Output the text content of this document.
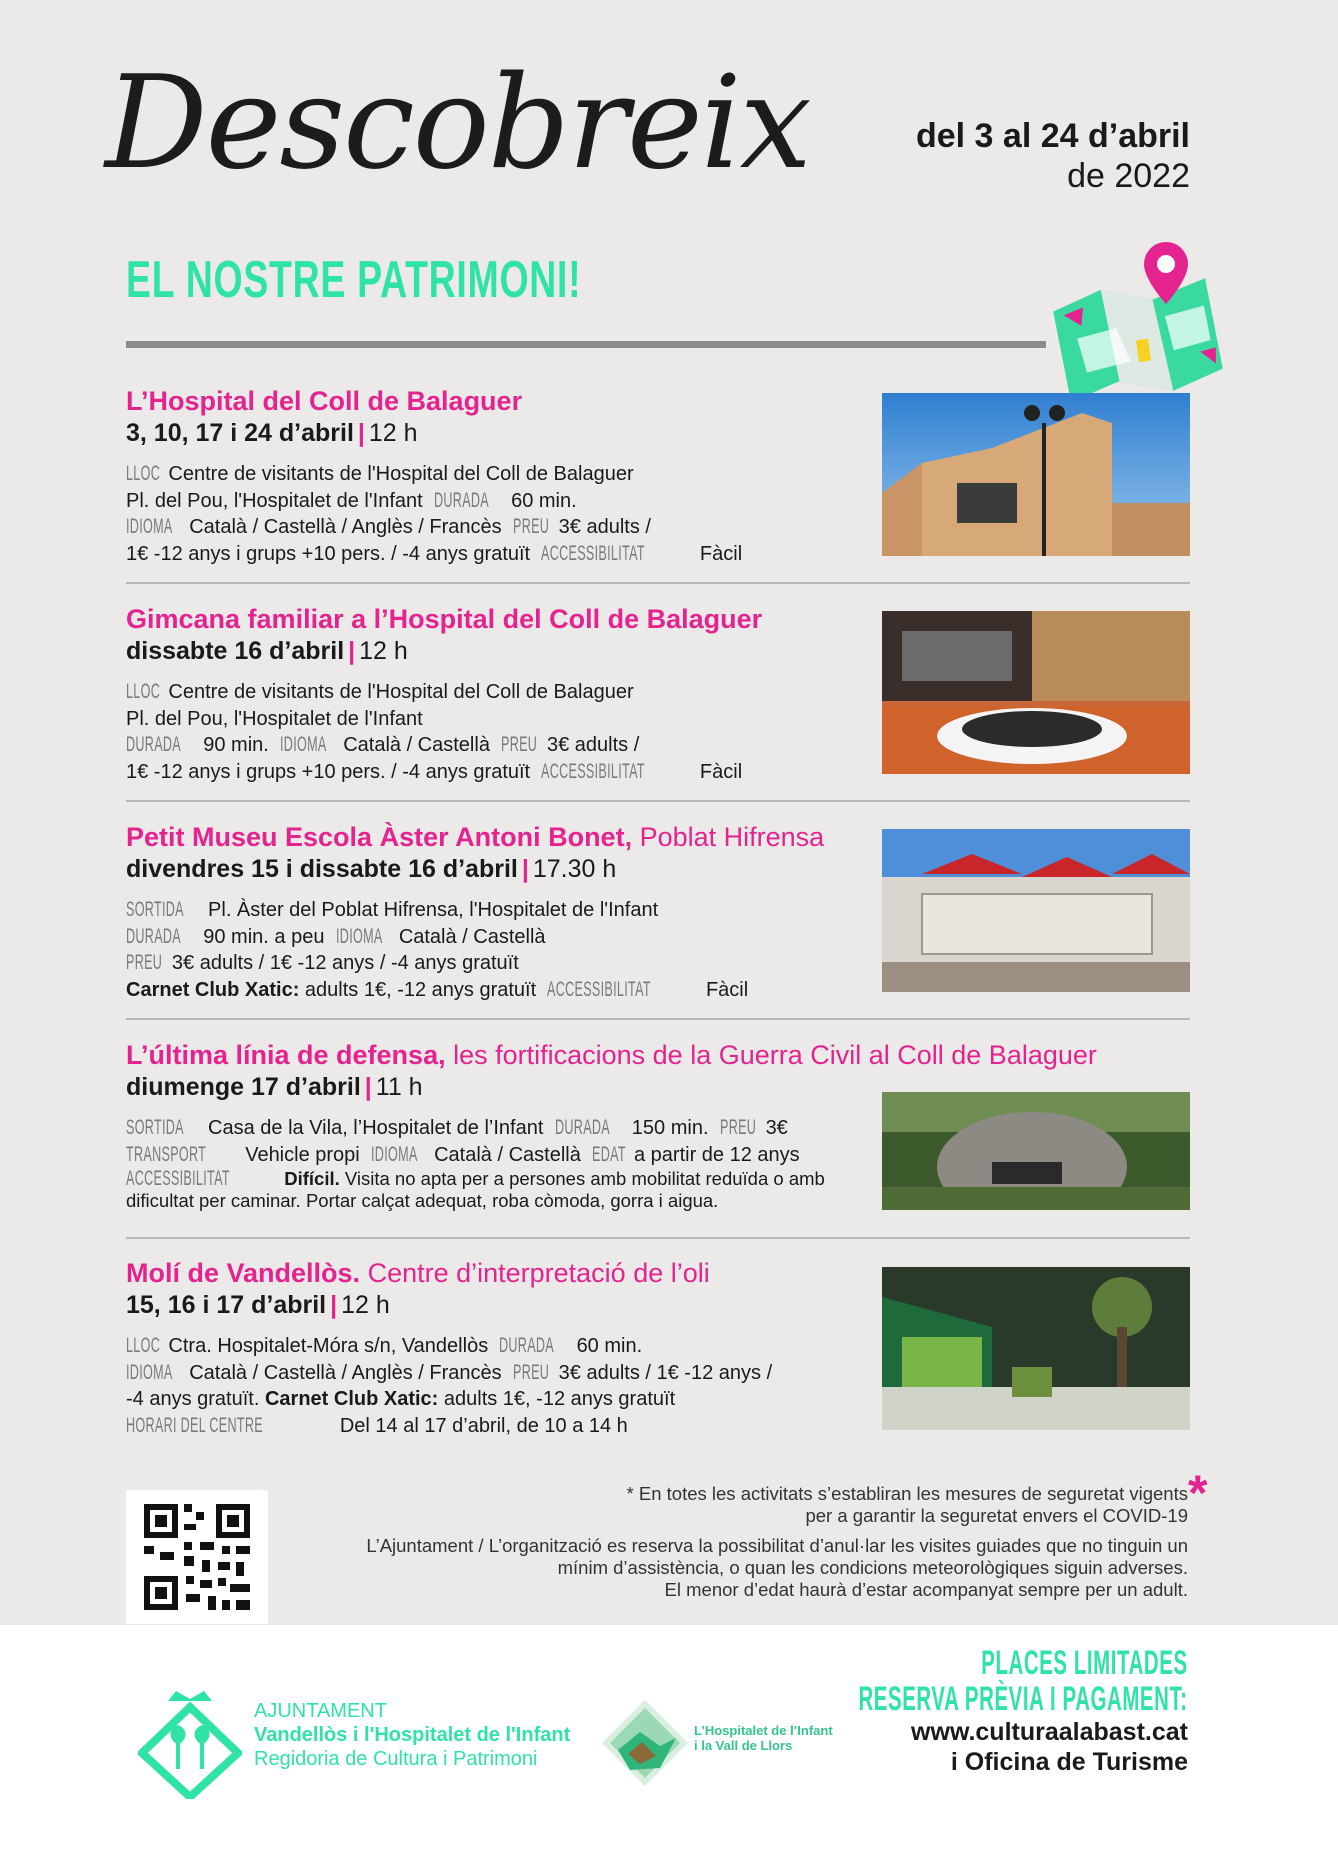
Descobreix
EL NOSTRE PATRIMONI!
del 3 al 24 d’abril
de 2022
L’Hospital del Coll de Balaguer
3, 10, 17 i 24 d’abril | 12 h
LLOC Centre de visitants de l'Hospital del Coll de Balaguer
Pl. del Pou, l'Hospitalet de l'Infant DURADA 60 min.
IDIOMA Català / Castellà / Anglès / Francès PREU 3€ adults /
1€ -12 anys i grups +10 pers. / -4 anys gratuït ACCESSIBILITAT	Fàcil
Gimcana familiar a l’Hospital del Coll de Balaguer
dissabte 16 d’abril | 12 h
LLOC Centre de visitants de l'Hospital del Coll de Balaguer
Pl. del Pou, l'Hospitalet de l'Infant
DURADA 90 min. IDIOMA Català / Castellà PREU 3€ adults /
1€ -12 anys i grups +10 pers. / -4 anys gratuït ACCESSIBILITAT	Fàcil
Petit Museu Escola Àster Antoni Bonet, Poblat Hifrensa
divendres 15 i dissabte 16 d’abril | 17.30 h
SORTIDA Pl. Àster del Poblat Hifrensa, l'Hospitalet de l'Infant
DURADA 90 min. a peu IDIOMA Català / Castellà
PREU 3€ adults / 1€ -12 anys / -4 anys gratuït
Carnet Club Xatic: adults 1€, -12 anys gratuït ACCESSIBILITAT	Fàcil
L’última línia de defensa, les fortificacions de la Guerra Civil al Coll de Balaguer
diumenge 17 d’abril | 11 h
SORTIDA Casa de la Vila, l’Hospitalet de l’Infant DURADA 150 min. PREU 3€
TRANSPORT Vehicle propi IDIOMA Català / Castellà EDAT a partir de 12 anys
ACCESSIBILITAT	Difícil. Visita no apta per a persones amb mobilitat reduïda o amb
dificultat per caminar. Portar calçat adequat, roba còmoda, gorra i aigua.
Molí de Vandellòs. Centre d’interpretació de l’oli
15, 16 i 17 d’abril | 12 h
LLOC Ctra. Hospitalet-Móra s/n, Vandellòs DURADA 60 min.
IDIOMA Català / Castellà / Anglès / Francès PREU 3€ adults / 1€ -12 anys /
-4 anys gratuït. Carnet Club Xatic: adults 1€, -12 anys gratuït
HORARI DEL CENTRE	Del 14 al 17 d’abril, de 10 a 14 h
*
* En totes les activitats s’establiran les mesures de seguretat vigents
per a garantir la seguretat envers el COVID-19
L’Ajuntament / L’organització es reserva la possibilitat d’anul·lar les visites guiades que no tinguin un
mínim d’assistència, o quan les condicions meteorològiques siguin adverses.
El menor d’edat haurà d’estar acompanyat sempre per un adult.
AJUNTAMENT
Vandellòs i l'Hospitalet de l'Infant
Regidoria de Cultura i Patrimoni
L’Hospitalet de l’Infant
i la Vall de Llors
PLACES LIMITADES
RESERVA PRÈVIA I PAGAMENT:
www.culturaalabast.cat
i Oficina de Turisme
